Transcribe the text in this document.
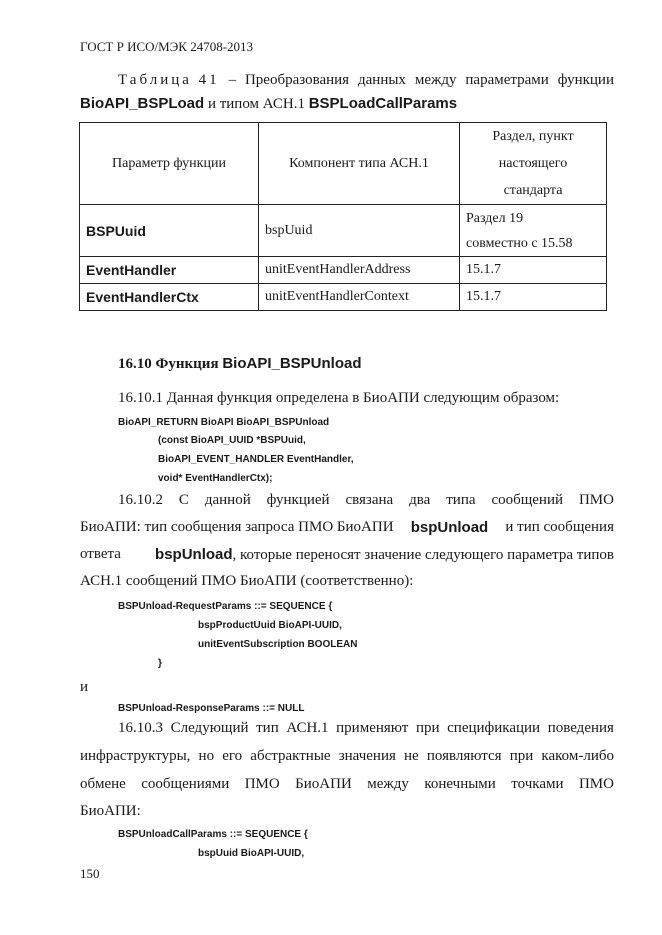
ГОСТ Р ИСО/МЭК 24708-2013
Таблица 41 – Преобразования данных между параметрами функции
BioAPI_BSPLoad и типом АСН.1 BSPLoadCallParams
Параметр функции	Компонент типа АСН.1	Раздел, пункт
настоящего
стандарта

BSPUuid	bspUuid	Раздел 19
совместно с 15.58

EventHandler	unitEventHandlerAddress	15.1.7
EventHandlerCtx	unitEventHandlerContext	15.1.7
16.10 Функция BioAPI_BSPUnload
16.10.1 Данная функция определена в БиоАПИ следующим образом:
BioAPI_RETURN BioAPI BioAPI_BSPUnload
(const BioAPI_UUID *BSPUuid,
BioAPI_EVENT_HANDLER EventHandler,
void* EventHandlerCtx);
16.10.2 С данной функцией связана два типа сообщений ПМО
БиоАПИ: тип сообщения запроса ПМО БиоАПИ bspUnload и тип сообщения
ответа bspUnload, которые переносят значение следующего параметра типов
АСН.1 сообщений ПМО БиоАПИ (соответственно):
BSPUnload-RequestParams ::= SEQUENCE {
bspProductUuid BioAPI-UUID,
unitEventSubscription BOOLEAN
}
и
BSPUnload-ResponseParams ::= NULL
16.10.3 Следующий тип АСН.1 применяют при спецификации поведения
инфраструктуры, но его абстрактные значения не появляются при каком-либо
обмене сообщениями ПМО БиоАПИ между конечными точками ПМО
БиоАПИ:
BSPUnloadCallParams ::= SEQUENCE {
bspUuid BioAPI-UUID,
150
